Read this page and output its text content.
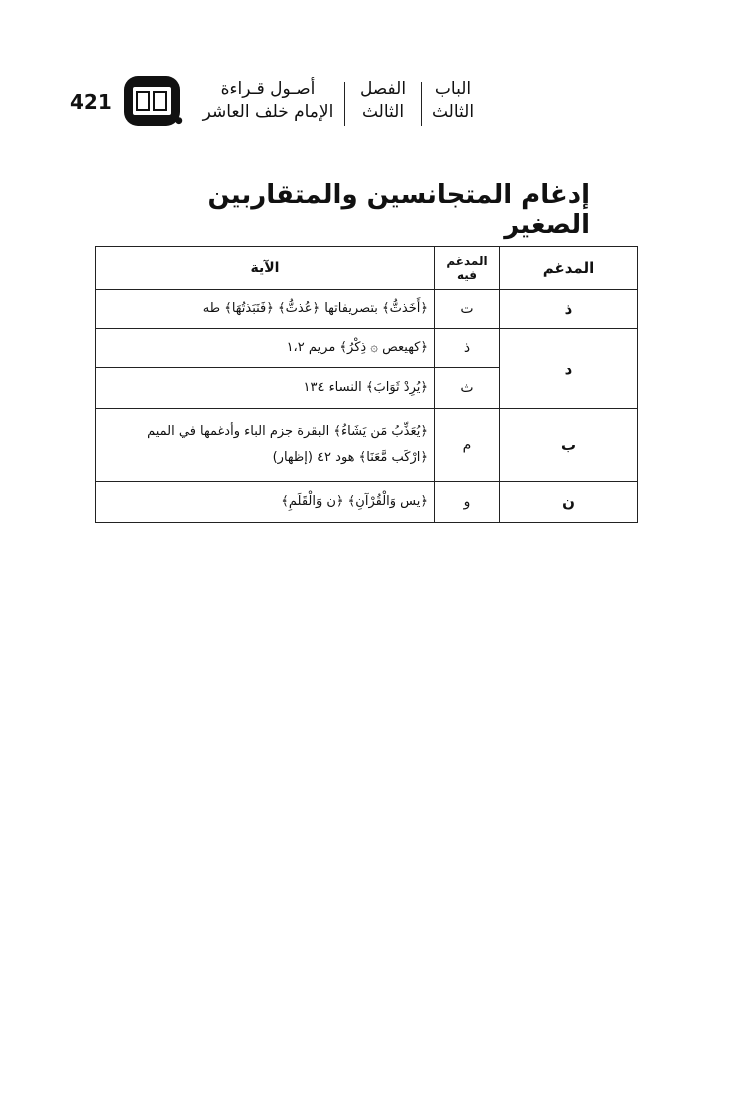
الباب
الثالث
الفصل
الثالث
أصـول قـراءة
الإمام خلف العاشر
●●
421
إدغام المتجانسين والمتقاربين الصغير
المدغم	المدغم فيه	الآية
ذ	ت	﴿أَخَذتُّ﴾ بتصريفاتها ﴿عُذتُّ﴾ ﴿فَنَبَذتُهَا﴾ طه

د	ذ	﴿كهيعص ۞ ذِكْرُ﴾ مريم ١،٢

	ث	﴿يُرِدْ ثَوَابَ﴾ النساء ١٣٤

ب	م	﴿يُعَذِّبُ مَن يَشَاءُ﴾ البقرة جزم الباء وأدغمها في الميم
﴿ارْكَب مَّعَنَا﴾ هود ٤٢ (إظهار)

ن	و	﴿يس وَالْقُرْآنِ﴾ ﴿ن وَالْقَلَمِ﴾
